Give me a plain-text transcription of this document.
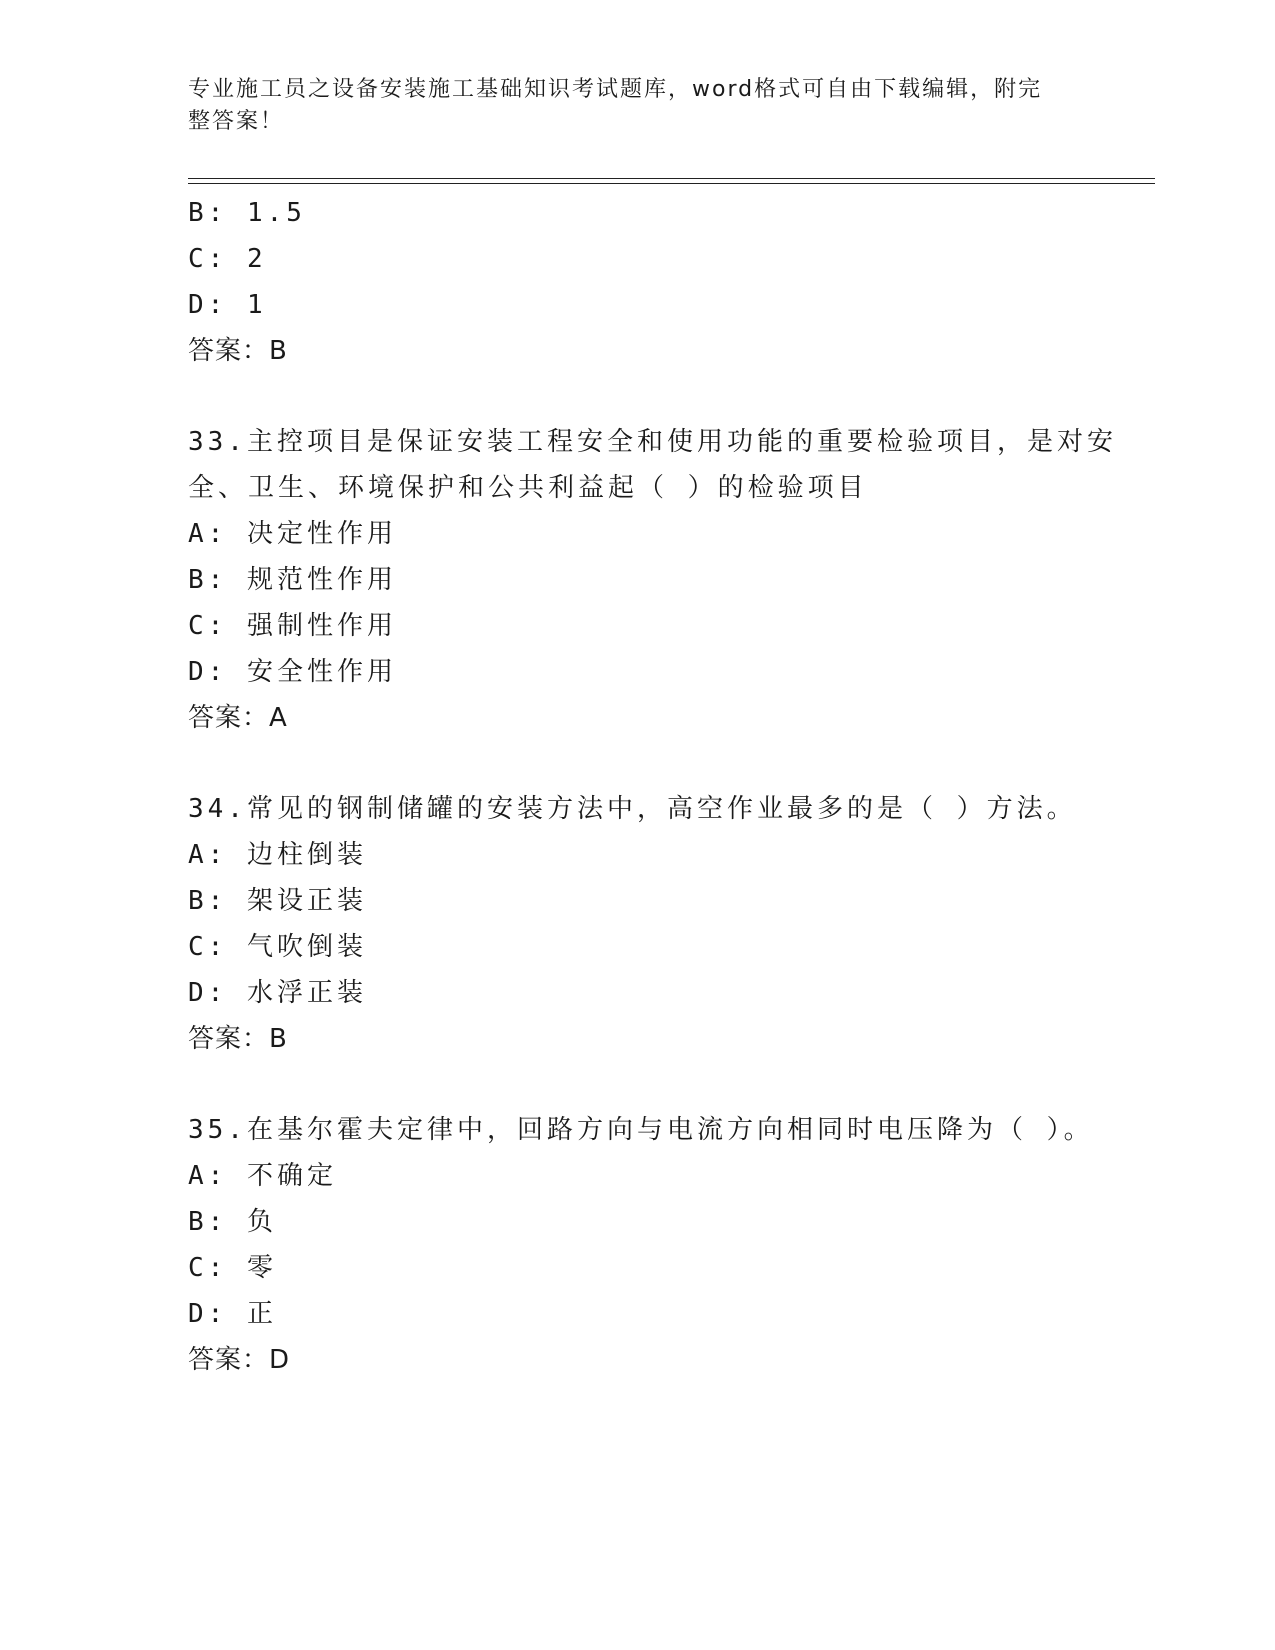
专业施工员之设备安装施工基础知识考试题库，word格式可自由下载编辑，附完
整答案！
B: 1.5
C: 2
D: 1
答案：B
33.主控项目是保证安装工程安全和使用功能的重要检验项目，是对安
全、卫生、环境保护和公共利益起（ ）的检验项目
A: 决定性作用
B: 规范性作用
C: 强制性作用
D: 安全性作用
答案：A
34.常见的钢制储罐的安装方法中，高空作业最多的是（ ）方法。
A: 边柱倒装
B: 架设正装
C: 气吹倒装
D: 水浮正装
答案：B
35.在基尔霍夫定律中，回路方向与电流方向相同时电压降为（ ）。
A: 不确定
B: 负
C: 零
D: 正
答案：D
